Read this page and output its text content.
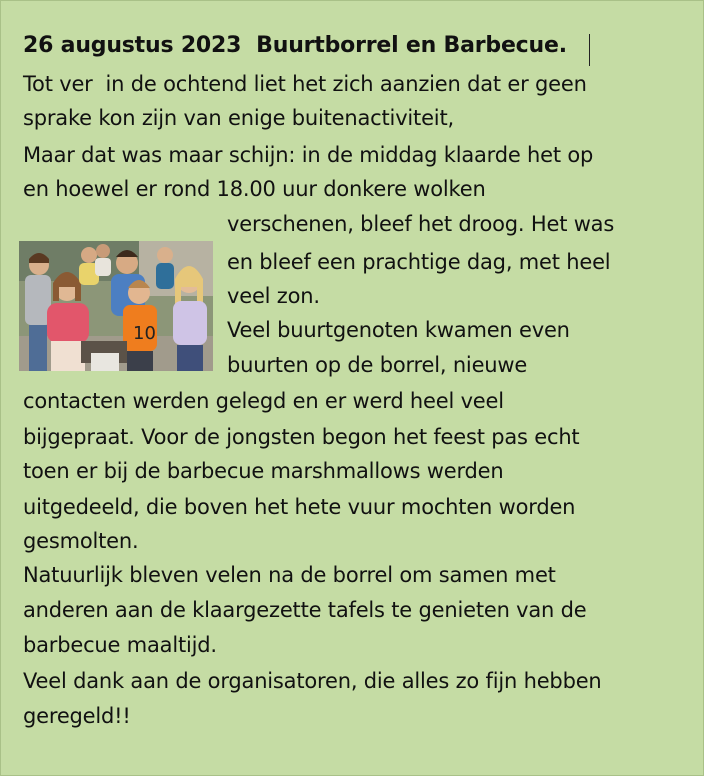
26 augustus 2023  Buurtborrel en Barbecue.

Tot ver  in de ochtend liet het zich aanzien dat er geen

sprake kon zijn van enige buitenactiviteit,

Maar dat was maar schijn: in de middag klaarde het op

en hoewel er rond 18.00 uur donkere wolken

verschenen, bleef het droog. Het was

en bleef een prachtige dag, met heel

veel zon.

Veel buurtgenoten kwamen even

buurten op de borrel, nieuwe

contacten werden gelegd en er werd heel veel

bijgepraat. Voor de jongsten begon het feest pas echt

toen er bij de barbecue marshmallows werden

uitgedeeld, die boven het hete vuur mochten worden

gesmolten.

Natuurlijk bleven velen na de borrel om samen met

anderen aan de klaargezette tafels te genieten van de

barbecue maaltijd.

Veel dank aan de organisatoren, die alles zo fijn hebben

geregeld!!

10
